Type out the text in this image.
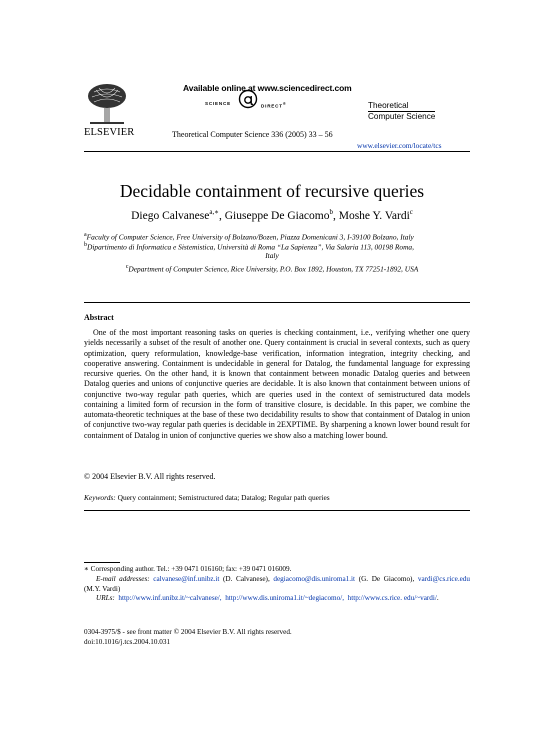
ELSEVIER
Available online at www.sciencedirect.com
SCIENCE
DIRECT®
Theoretical Computer Science 336 (2005) 33 – 56
Theoretical
Computer Science
www.elsevier.com/locate/tcs
Decidable containment of recursive queries
Diego Calvanese$^{a,∗}$, Giuseppe De Giacomo$^b$, Moshe Y. Vardi$^c$
$^a$Faculty of Computer Science, Free University of Bolzano/Bozen, Piazza Domenicani 3, I-39100 Bolzano, Italy
$^b$Dipartimento di Informatica e Sistemistica, Università di Roma “La Sapienza”, Via Salaria 113, 00198 Roma,
Italy
$^c$Department of Computer Science, Rice University, P.O. Box 1892, Houston, TX 77251-1892, USA
Abstract

One of the most important reasoning tasks on queries is checking containment, i.e., verifying whether one query yields necessarily a subset of the result of another one. Query containment is crucial in several contexts, such as query optimization, query reformulation, knowledge-base verification, information integration, integrity checking, and cooperative answering. Containment is undecidable in general for Datalog, the fundamental language for expressing recursive queries. On the other hand, it is known that containment between monadic Datalog queries and between Datalog queries and unions of conjunctive queries are decidable. It is also known that containment between unions of conjunctive two-way regular path queries, which are queries used in the context of semistructured data models containing a limited form of recursion in the form of transitive closure, is decidable. In this paper, we combine the automata-theoretic techniques at the base of these two decidability results to show that containment of Datalog in union of conjunctive two-way regular path queries is decidable in 2EXPTIME. By sharpening a known lower bound result for containment of Datalog in union of conjunctive queries we show also a matching lower bound.

© 2004 Elsevier B.V. All rights reserved.
Keywords: Query containment; Semistructured data; Datalog; Regular path queries
∗ Corresponding author. Tel.: +39 0471 016160; fax: +39 0471 016009.
E-mail addresses: calvanese@inf.unibz.it (D. Calvanese), degiacomo@dis.uniroma1.it (G. De Giacomo), vardi@cs.rice.edu (M.Y. Vardi)
URLs: http://www.inf.unibz.it/~calvanese/, http://www.dis.uniroma1.it/~degiacomo/, http://www.cs.rice. edu/~vardi/.
0304-3975/$ - see front matter © 2004 Elsevier B.V. All rights reserved.
doi:10.1016/j.tcs.2004.10.031
